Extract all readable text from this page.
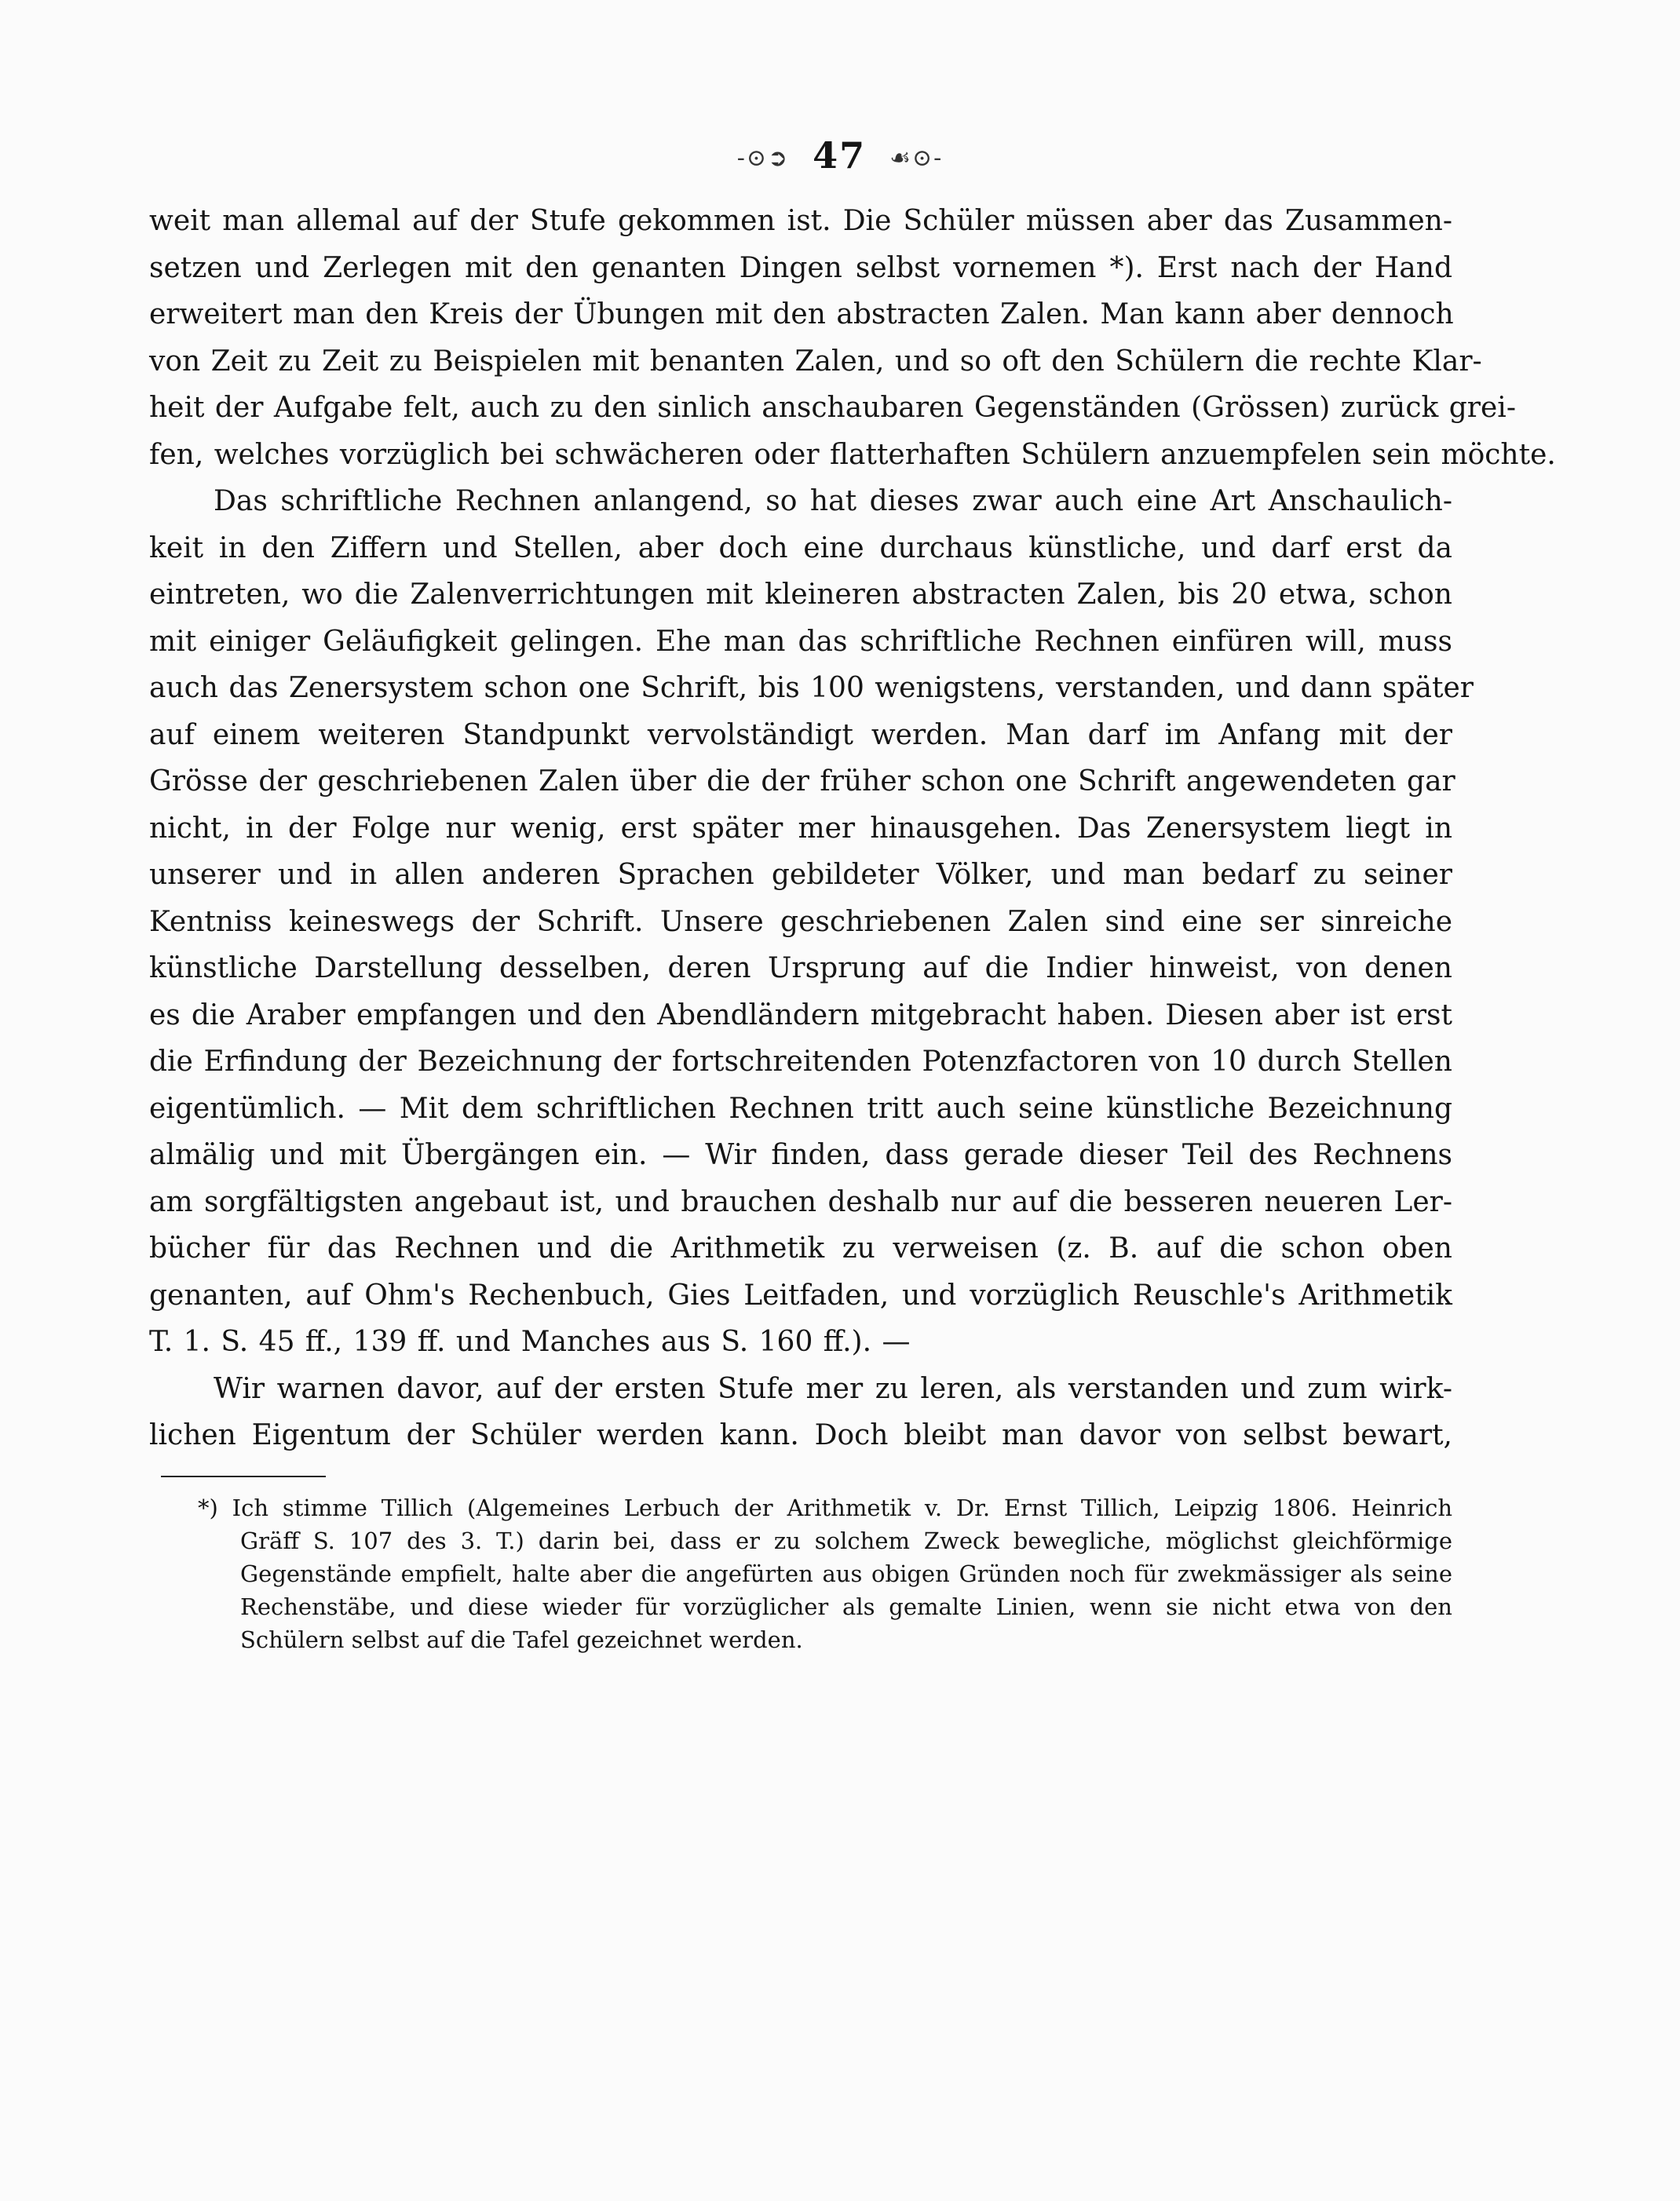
-⊙➲ 47 ☙⊙-
weit man allemal auf der Stufe gekommen ist. Die Schüler müssen aber das Zusammen-
setzen und Zerlegen mit den genanten Dingen selbst vornemen *). Erst nach der Hand
erweitert man den Kreis der Übungen mit den abstracten Zalen. Man kann aber dennoch
von Zeit zu Zeit zu Beispielen mit benanten Zalen, und so oft den Schülern die rechte Klar-
heit der Aufgabe felt, auch zu den sinlich anschaubaren Gegenständen (Grössen) zurück grei-
fen, welches vorzüglich bei schwächeren oder flatterhaften Schülern anzuempfelen sein möchte.
Das schriftliche Rechnen anlangend, so hat dieses zwar auch eine Art Anschaulich-
keit in den Ziffern und Stellen, aber doch eine durchaus künstliche, und darf erst da
eintreten, wo die Zalenverrichtungen mit kleineren abstracten Zalen, bis 20 etwa, schon
mit einiger Geläufigkeit gelingen. Ehe man das schriftliche Rechnen einfüren will, muss
auch das Zenersystem schon one Schrift, bis 100 wenigstens, verstanden, und dann später
auf einem weiteren Standpunkt vervolständigt werden. Man darf im Anfang mit der
Grösse der geschriebenen Zalen über die der früher schon one Schrift angewendeten gar
nicht, in der Folge nur wenig, erst später mer hinausgehen. Das Zenersystem liegt in
unserer und in allen anderen Sprachen gebildeter Völker, und man bedarf zu seiner
Kentniss keineswegs der Schrift. Unsere geschriebenen Zalen sind eine ser sinreiche
künstliche Darstellung desselben, deren Ursprung auf die Indier hinweist, von denen
es die Araber empfangen und den Abendländern mitgebracht haben. Diesen aber ist erst
die Erfindung der Bezeichnung der fortschreitenden Potenzfactoren von 10 durch Stellen
eigentümlich. — Mit dem schriftlichen Rechnen tritt auch seine künstliche Bezeichnung
almälig und mit Übergängen ein. — Wir finden, dass gerade dieser Teil des Rechnens
am sorgfältigsten angebaut ist, und brauchen deshalb nur auf die besseren neueren Ler-
bücher für das Rechnen und die Arithmetik zu verweisen (z. B. auf die schon oben
genanten, auf Ohm's Rechenbuch, Gies Leitfaden, und vorzüglich Reuschle's Arithmetik
T. 1. S. 45 ff., 139 ff. und Manches aus S. 160 ff.). —
Wir warnen davor, auf der ersten Stufe mer zu leren, als verstanden und zum wirk-
lichen Eigentum der Schüler werden kann. Doch bleibt man davor von selbst bewart,
*) Ich stimme Tillich (Algemeines Lerbuch der Arithmetik v. Dr. Ernst Tillich, Leipzig 1806. Heinrich
Gräff S. 107 des 3. T.) darin bei, dass er zu solchem Zweck bewegliche, möglichst gleichförmige
Gegenstände empfielt, halte aber die angefürten aus obigen Gründen noch für zwekmässiger als seine
Rechenstäbe, und diese wieder für vorzüglicher als gemalte Linien, wenn sie nicht etwa von den
Schülern selbst auf die Tafel gezeichnet werden.
